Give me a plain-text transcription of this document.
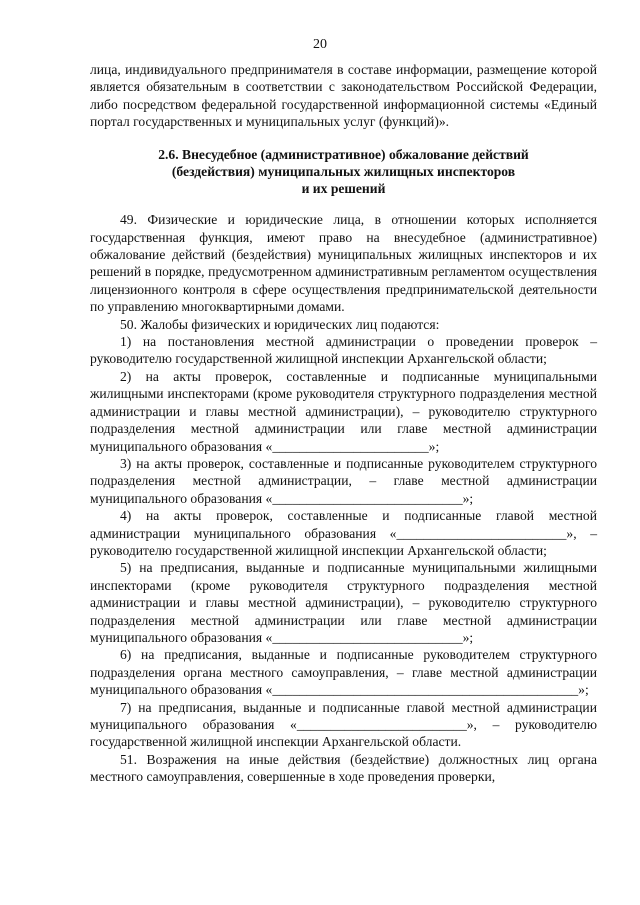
20

лица, индивидуального предпринимателя в составе информации, размещение которой является обязательным в соответствии с законодательством Российской Федерации, либо посредством федеральной государственной информационной системы «Единый портал государственных и муниципальных услуг (функций)».

2.6. Внесудебное (административное) обжалование действий
(бездействия) муниципальных жилищных инспекторов
и их решений

49. Физические и юридические лица, в отношении которых исполняется государственная функция, имеют право на внесудебное (административное) обжалование действий (бездействия) муниципальных жилищных инспекторов и их решений в порядке, предусмотренном административным регламентом осуществления лицензионного контроля в сфере осуществления предпринимательской деятельности по управлению многоквартирными домами.

50. Жалобы физических и юридических лиц подаются:

1) на постановления местной администрации о проведении проверок – руководителю государственной жилищной инспекции Архангельской области;

2) на акты проверок, составленные и подписанные муниципальными жилищными инспекторами (кроме руководителя структурного подразделения местной администрации и главы местной администрации), – руководителю структурного подразделения местной администрации или главе местной администрации муниципального образования «_______________________»;

3) на акты проверок, составленные и подписанные руководителем структурного подразделения местной администрации, – главе местной администрации муниципального образования «____________________________»;

4) на акты проверок, составленные и подписанные главой местной администрации муниципального образования «_________________________», – руководителю государственной жилищной инспекции Архангельской области;

5) на предписания, выданные и подписанные муниципальными жилищными инспекторами (кроме руководителя структурного подразделения местной администрации и главы местной администрации), – руководителю структурного подразделения местной администрации или главе местной администрации муниципального образования «____________________________»;

6) на предписания, выданные и подписанные руководителем структурного подразделения органа местного самоуправления, – главе местной администрации муниципального образования «_____________________________________________»;

7) на предписания, выданные и подписанные главой местной администрации муниципального образования «_________________________», – руководителю государственной жилищной инспекции Архангельской области.

51. Возражения на иные действия (бездействие) должностных лиц органа местного самоуправления, совершенные в ходе проведения проверки,
